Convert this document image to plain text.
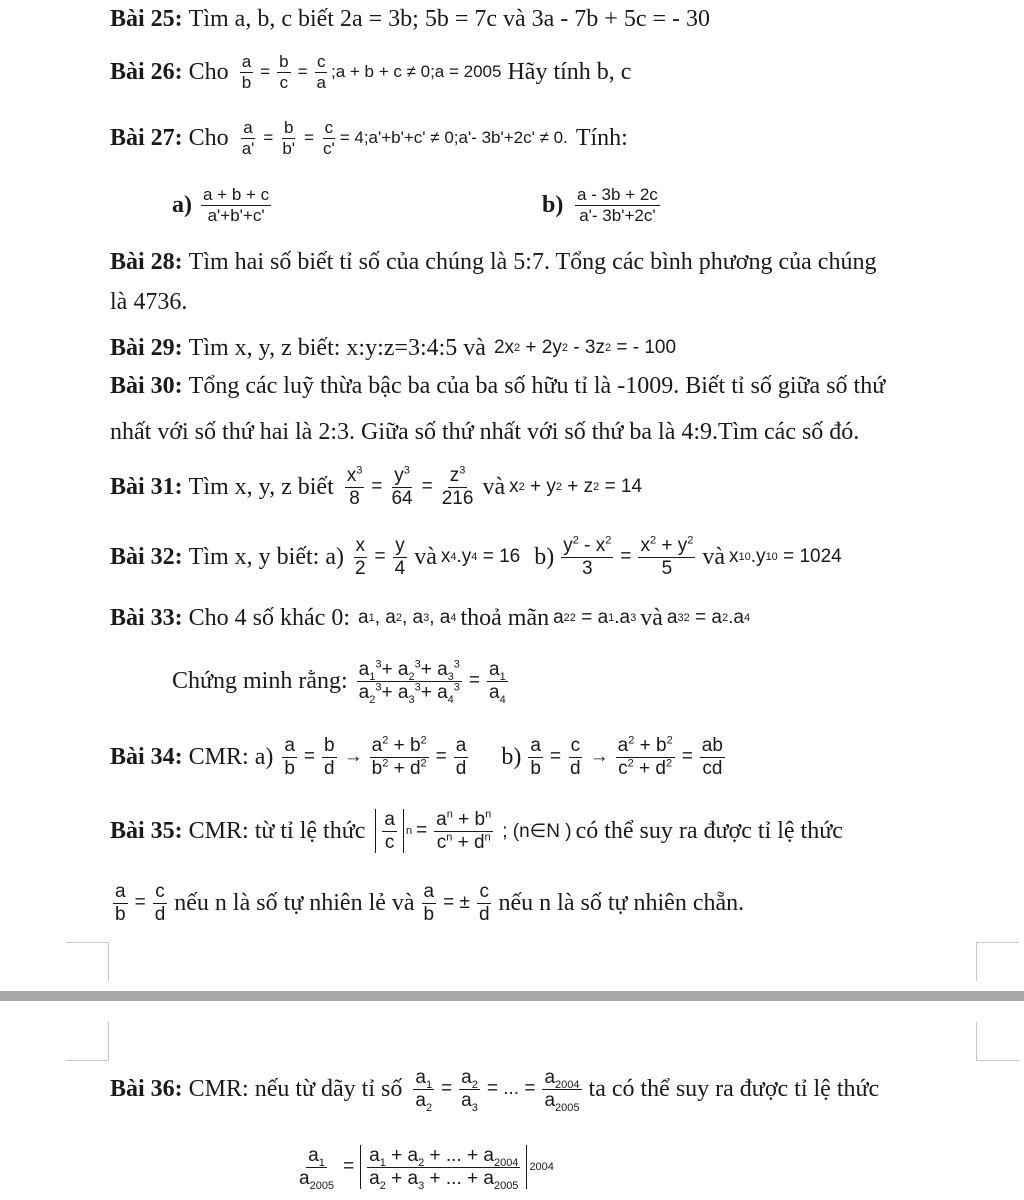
Bài 25: Tìm a, b, c biết 2a = 3b; 5b = 7c và 3a - 7b + 5c = - 30
Bài 26: Cho $\frac{a}{b} = \frac{b}{c} = \frac{c}{a}$ ;a + b + c ≠ 0;a = 2005 Hãy tính b, c
Bài 27: Cho $\frac{a}{a'} = \frac{b}{b'} = \frac{c}{c'}$ = 4;a'+b'+c' ≠ 0;a'- 3b'+2c' ≠ 0. Tính:
$a) \frac{a + b + c}{a'+b'+c'}$	$b) \frac{a - 3b + 2c}{a'- 3b'+2c'}$
Bài 28: Tìm hai số biết tỉ số của chúng là 5:7. Tổng các bình phương của chúng
là 4736.
Bài 29: Tìm x, y, z biết: x:y:z=3:4:5 và 2x 2 + 2y 2 - 3z 2
= - 100
Bài 30: Tổng các luỹ thừa bậc ba của ba số hữu tỉ là -1009. Biết tỉ số giữa số thứ
nhất với số thứ hai là 2:3. Giữa số thứ nhất với số thứ ba là 4:9.Tìm các số đó.
Bài 31: Tìm x, y, z biết $\frac{x^3}{8} = \frac{y^3}{64} = \frac{z^3}{216}$ và x 2 + y 2 + z 2
= 14
Bài 32: Tìm x, y biết: $a) \frac{x}{2} = \frac{y}{4}$ và x 4 .y 4
= 16 $b) \frac{y^2 - x^2}{3} = \frac{x^2 + y^2}{5}$ và x 10 .y 10
= 1024
Bài 33: Cho 4 số khác 0: a 1 , a 2 , a 3 , a 4 thoả mãn a 2 2 = a 1 .a 3 và a 3 2 = a 2 .a 4
Chứng minh rằng: $\frac{a_1^3+ a_2^3+ a_3^3}{a_2^3+ a_3^3+ a_4^3} = \frac{a_1}{a_4}$
Bài 34: CMR: $a) \frac{a}{b} = \frac{b}{d} \to \frac{a^2 + b^2}{b^2 + d^2} = \frac{a}{d} b) \frac{a}{b} = \frac{c}{d} \to \frac{a^2 + b^2}{c^2 + d^2} = \frac{ab}{cd}$
Bài 35: CMR: từ tỉ lệ thức $\frac{a}{c}$ $n = \frac{a^n + b^n}{c^n + d^n}$ ; (n∈N ) có thể suy ra được tỉ lệ thức
$\frac{a}{b} = \frac{c}{d}$ nếu n là số tự nhiên lẻ và $\frac{a}{b}$ = ± $\frac{c}{d}$ nếu n là số tự nhiên chẵn.
Bài 36: CMR: nếu từ dãy tỉ số $\frac{a_1}{a_2} = \frac{a_2}{a_3}$ = ... = $\frac{a_{2004}}{a_{2005}}$ ta có thể suy ra được tỉ lệ thức
$\frac{a_1}{a_{2005}} = \frac{a_1 + a_2 + ... + a_{2004}}{a_2 + a_3 + ... + a_{2005}} 2004$
